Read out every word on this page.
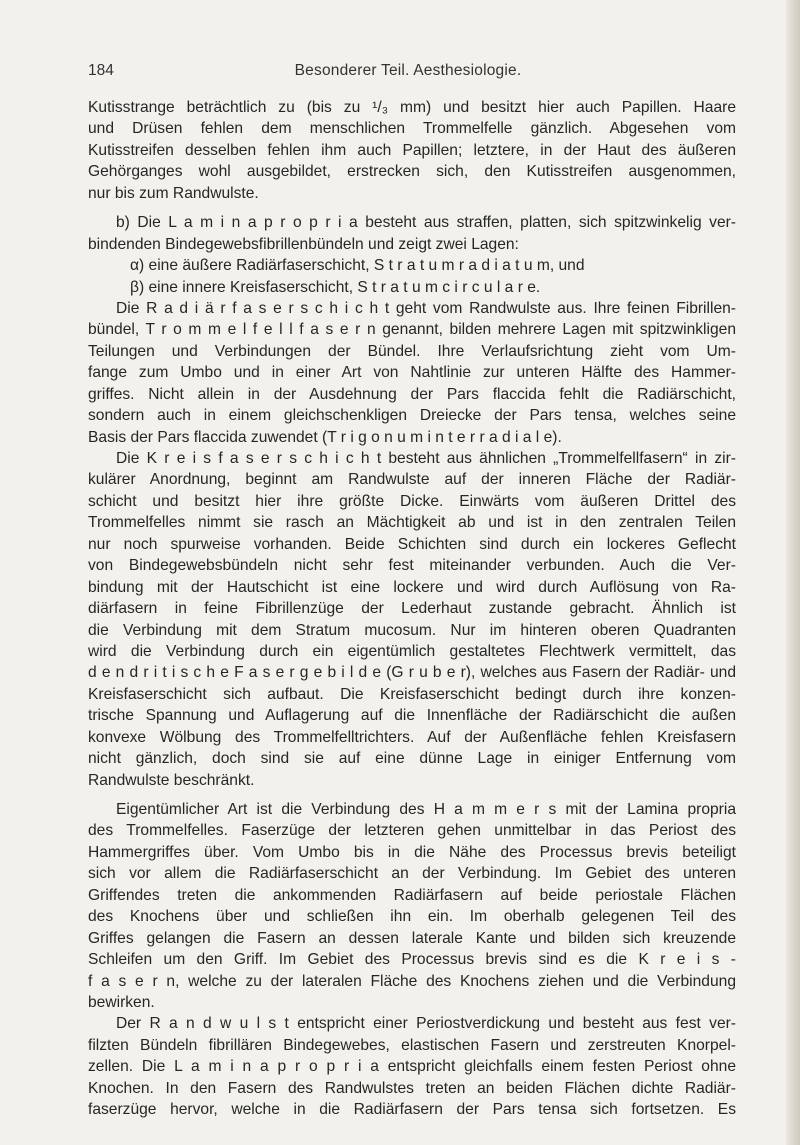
184	Besonderer Teil. Aesthesiologie.
Kutisstrange beträchtlich zu (bis zu ¹/₃ mm) und besitzt hier auch Papillen. Haare
und Drüsen fehlen dem menschlichen Trommelfelle gänzlich. Abgesehen vom
Kutisstreifen desselben fehlen ihm auch Papillen; letztere, in der Haut des äußeren
Gehörganges wohl ausgebildet, erstrecken sich, den Kutisstreifen ausgenommen,
nur bis zum Randwulste.
b) Die L a m i n a p r o p r i a besteht aus straffen, platten, sich spitzwinkelig ver-
bindenden Bindegewebsfibrillenbündeln und zeigt zwei Lagen:
α) eine äußere Radiärfaserschicht, S t r a t u m r a d i a t u m, und
β) eine innere Kreisfaserschicht, S t r a t u m c i r c u l a r e.
Die R a d i ä r f a s e r s c h i c h t geht vom Randwulste aus. Ihre feinen Fibrillen-
bündel, T r o m m e l f e l l f a s e r n genannt, bilden mehrere Lagen mit spitzwinkligen
Teilungen und Verbindungen der Bündel. Ihre Verlaufsrichtung zieht vom Um-
fange zum Umbo und in einer Art von Nahtlinie zur unteren Hälfte des Hammer-
griffes. Nicht allein in der Ausdehnung der Pars flaccida fehlt die Radiärschicht,
sondern auch in einem gleichschenkligen Dreiecke der Pars tensa, welches seine
Basis der Pars flaccida zuwendet (T r i g o n u m i n t e r r a d i a l e).
Die K r e i s f a s e r s c h i c h t besteht aus ähnlichen „Trommelfellfasern“ in zir-
kulärer Anordnung, beginnt am Randwulste auf der inneren Fläche der Radiär-
schicht und besitzt hier ihre größte Dicke. Einwärts vom äußeren Drittel des
Trommelfelles nimmt sie rasch an Mächtigkeit ab und ist in den zentralen Teilen
nur noch spurweise vorhanden. Beide Schichten sind durch ein lockeres Geflecht
von Bindegewebsbündeln nicht sehr fest miteinander verbunden. Auch die Ver-
bindung mit der Hautschicht ist eine lockere und wird durch Auflösung von Ra-
diärfasern in feine Fibrillenzüge der Lederhaut zustande gebracht. Ähnlich ist
die Verbindung mit dem Stratum mucosum. Nur im hinteren oberen Quadranten
wird die Verbindung durch ein eigentümlich gestaltetes Flechtwerk vermittelt, das
d e n d r i t i s c h e F a s e r g e b i l d e (G r u b e r), welches aus Fasern der Radiär- und
Kreisfaserschicht sich aufbaut. Die Kreisfaserschicht bedingt durch ihre konzen-
trische Spannung und Auflagerung auf die Innenfläche der Radiärschicht die außen
konvexe Wölbung des Trommelfelltrichters. Auf der Außenfläche fehlen Kreisfasern
nicht gänzlich, doch sind sie auf eine dünne Lage in einiger Entfernung vom
Randwulste beschränkt.
Eigentümlicher Art ist die Verbindung des H a m m e r s mit der Lamina propria
des Trommelfelles. Faserzüge der letzteren gehen unmittelbar in das Periost des
Hammergriffes über. Vom Umbo bis in die Nähe des Processus brevis beteiligt
sich vor allem die Radiärfaserschicht an der Verbindung. Im Gebiet des unteren
Griffendes treten die ankommenden Radiärfasern auf beide periostale Flächen
des Knochens über und schließen ihn ein. Im oberhalb gelegenen Teil des
Griffes gelangen die Fasern an dessen laterale Kante und bilden sich kreuzende
Schleifen um den Griff. Im Gebiet des Processus brevis sind es die K r e i s -
f a s e r n, welche zu der lateralen Fläche des Knochens ziehen und die Verbindung
bewirken.
Der R a n d w u l s t entspricht einer Periostverdickung und besteht aus fest ver-
filzten Bündeln fibrillären Bindegewebes, elastischen Fasern und zerstreuten Knorpel-
zellen. Die L a m i n a p r o p r i a entspricht gleichfalls einem festen Periost ohne
Knochen. In den Fasern des Randwulstes treten an beiden Flächen dichte Radiär-
faserzüge hervor, welche in die Radiärfasern der Pars tensa sich fortsetzen. Es
